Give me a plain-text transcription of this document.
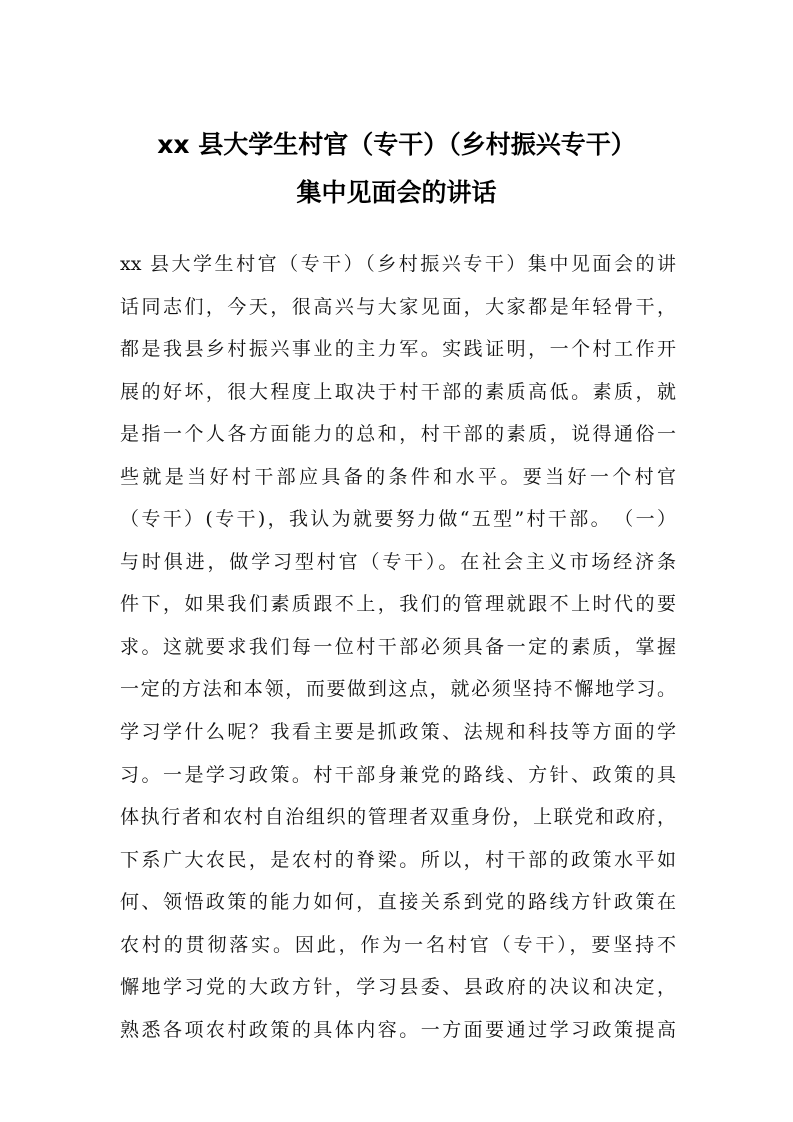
xx 县大学生村官（专干）（乡村振兴专干）
集中见面会的讲话
xx 县大学生村官（专干）（乡村振兴专干）集中见面会的讲
话同志们，今天，很高兴与大家见面，大家都是年轻骨干，
都是我县乡村振兴事业的主力军。实践证明，一个村工作开
展的好坏，很大程度上取决于村干部的素质高低。素质，就
是指一个人各方面能力的总和，村干部的素质，说得通俗一
些就是当好村干部应具备的条件和水平。要当好一个村官
（专干）(专干)，我认为就要努力做“五型”村干部。　（一）
与时俱进，做学习型村官（专干）。在社会主义市场经济条
件下，如果我们素质跟不上，我们的管理就跟不上时代的要
求。这就要求我们每一位村干部必须具备一定的素质，掌握
一定的方法和本领，而要做到这点，就必须坚持不懈地学习。
学习学什么呢？我看主要是抓政策、法规和科技等方面的学
习。一是学习政策。村干部身兼党的路线、方针、政策的具
体执行者和农村自治组织的管理者双重身份，上联党和政府，
下系广大农民，是农村的脊梁。所以，村干部的政策水平如
何、领悟政策的能力如何，直接关系到党的路线方针政策在
农村的贯彻落实。因此，作为一名村官（专干），要坚持不
懈地学习党的大政方针，学习县委、县政府的决议和决定，
熟悉各项农村政策的具体内容。一方面要通过学习政策提高
